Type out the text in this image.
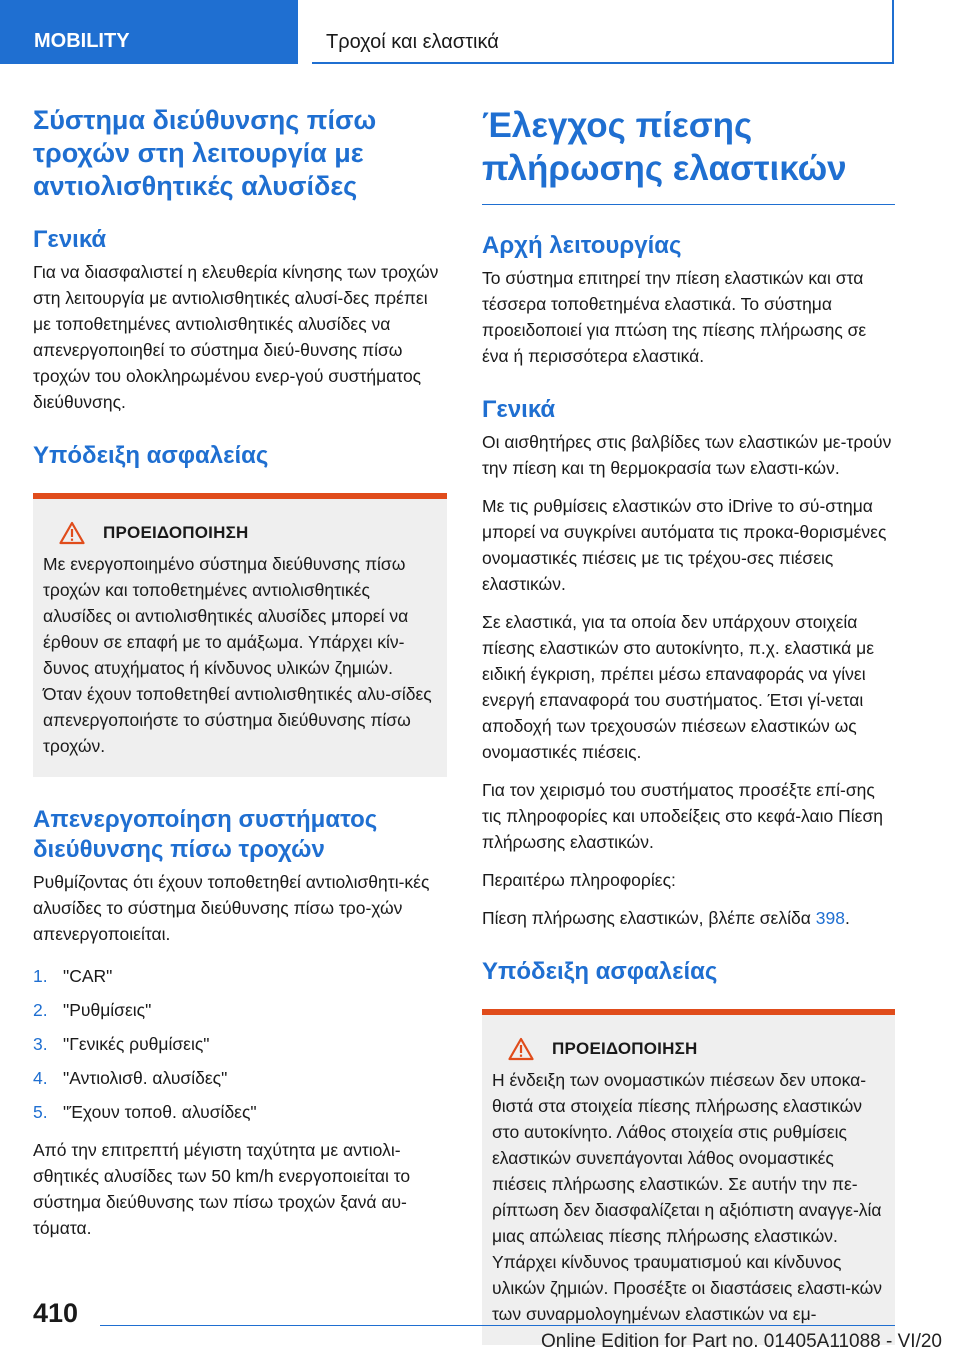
MOBILITY	Τροχοί και ελαστικά
Σύστημα διεύθυνσης πίσω τροχών στη λειτουργία με αντιολισθητικές αλυσίδες
Γενικά

Για να διασφαλιστεί η ελευθερία κίνησης των τροχών στη λειτουργία με αντιολισθητικές αλυσί-δες πρέπει με τοποθετημένες αντιολισθητικές αλυσίδες να απενεργοποιηθεί το σύστημα διεύ-θυνσης πίσω τροχών του ολοκληρωμένου ενερ-γού συστήματος διεύθυνσης.

Υπόδειξη ασφαλείας
ΠΡΟΕΙΔΟΠΟΙΗΣΗ

Με ενεργοποιημένο σύστημα διεύθυνσης πίσω τροχών και τοποθετημένες αντιολισθητικές αλυσίδες οι αντιολισθητικές αλυσίδες μπορεί να έρθουν σε επαφή με το αμάξωμα. Υπάρχει κίν-δυνος ατυχήματος ή κίνδυνος υλικών ζημιών. Όταν έχουν τοποθετηθεί αντιολισθητικές αλυ-σίδες απενεργοποιήστε το σύστημα διεύθυνσης πίσω τροχών.

Απενεργοποίηση συστήματος διεύθυνσης πίσω τροχών

Ρυθμίζοντας ότι έχουν τοποθετηθεί αντιολισθητι-κές αλυσίδες το σύστημα διεύθυνσης πίσω τρο-χών απενεργοποιείται.

1. "CAR"
2. "Ρυθμίσεις"
3. "Γενικές ρυθμίσεις"
4. "Αντιολισθ. αλυσίδες"
5. "Έχουν τοποθ. αλυσίδες"

Από την επιτρεπτή μέγιστη ταχύτητα με αντιολι-σθητικές αλυσίδες των 50 km/h ενεργοποιείται το σύστημα διεύθυνσης των πίσω τροχών ξανά αυ-τόματα.

Έλεγχος πίεσης πλήρωσης ελαστικών
Αρχή λειτουργίας

Το σύστημα επιτηρεί την πίεση ελαστικών και στα τέσσερα τοποθετημένα ελαστικά. Το σύστημα προειδοποιεί για πτώση της πίεσης πλήρωσης σε ένα ή περισσότερα ελαστικά.

Γενικά

Οι αισθητήρες στις βαλβίδες των ελαστικών με-τρούν την πίεση και τη θερμοκρασία των ελαστι-κών.

Με τις ρυθμίσεις ελαστικών στο iDrive το σύ-στημα μπορεί να συγκρίνει αυτόματα τις προκα-θορισμένες ονομαστικές πιέσεις με τις τρέχου-σες πιέσεις ελαστικών.

Σε ελαστικά, για τα οποία δεν υπάρχουν στοιχεία πίεσης ελαστικών στο αυτοκίνητο, π.χ. ελαστικά με ειδική έγκριση, πρέπει μέσω επαναφοράς να γίνει ενεργή επαναφορά του συστήματος. Έτσι γί-νεται αποδοχή των τρεχουσών πιέσεων ελαστικών ως ονομαστικές πιέσεις.

Για τον χειρισμό του συστήματος προσέξτε επί-σης τις πληροφορίες και υποδείξεις στο κεφά-λαιο Πίεση πλήρωσης ελαστικών.

Περαιτέρω πληροφορίες:

Πίεση πλήρωσης ελαστικών, βλέπε σελίδα 398.

Υπόδειξη ασφαλείας
ΠΡΟΕΙΔΟΠΟΙΗΣΗ

Η ένδειξη των ονομαστικών πιέσεων δεν υποκα-θιστά στα στοιχεία πίεσης πλήρωσης ελαστικών στο αυτοκίνητο. Λάθος στοιχεία στις ρυθμίσεις ελαστικών συνεπάγονται λάθος ονομαστικές πιέσεις πλήρωσης ελαστικών. Σε αυτήν την πε-ρίπτωση δεν διασφαλίζεται η αξιόπιστη αναγγε-λία μιας απώλειας πίεσης πλήρωσης ελαστικών. Υπάρχει κίνδυνος τραυματισμού και κίνδυνος υλικών ζημιών. Προσέξτε οι διαστάσεις ελαστι-κών των συναρμολογημένων ελαστικών να εμ-

410
Online Edition for Part no. 01405A11088 - VI/20
